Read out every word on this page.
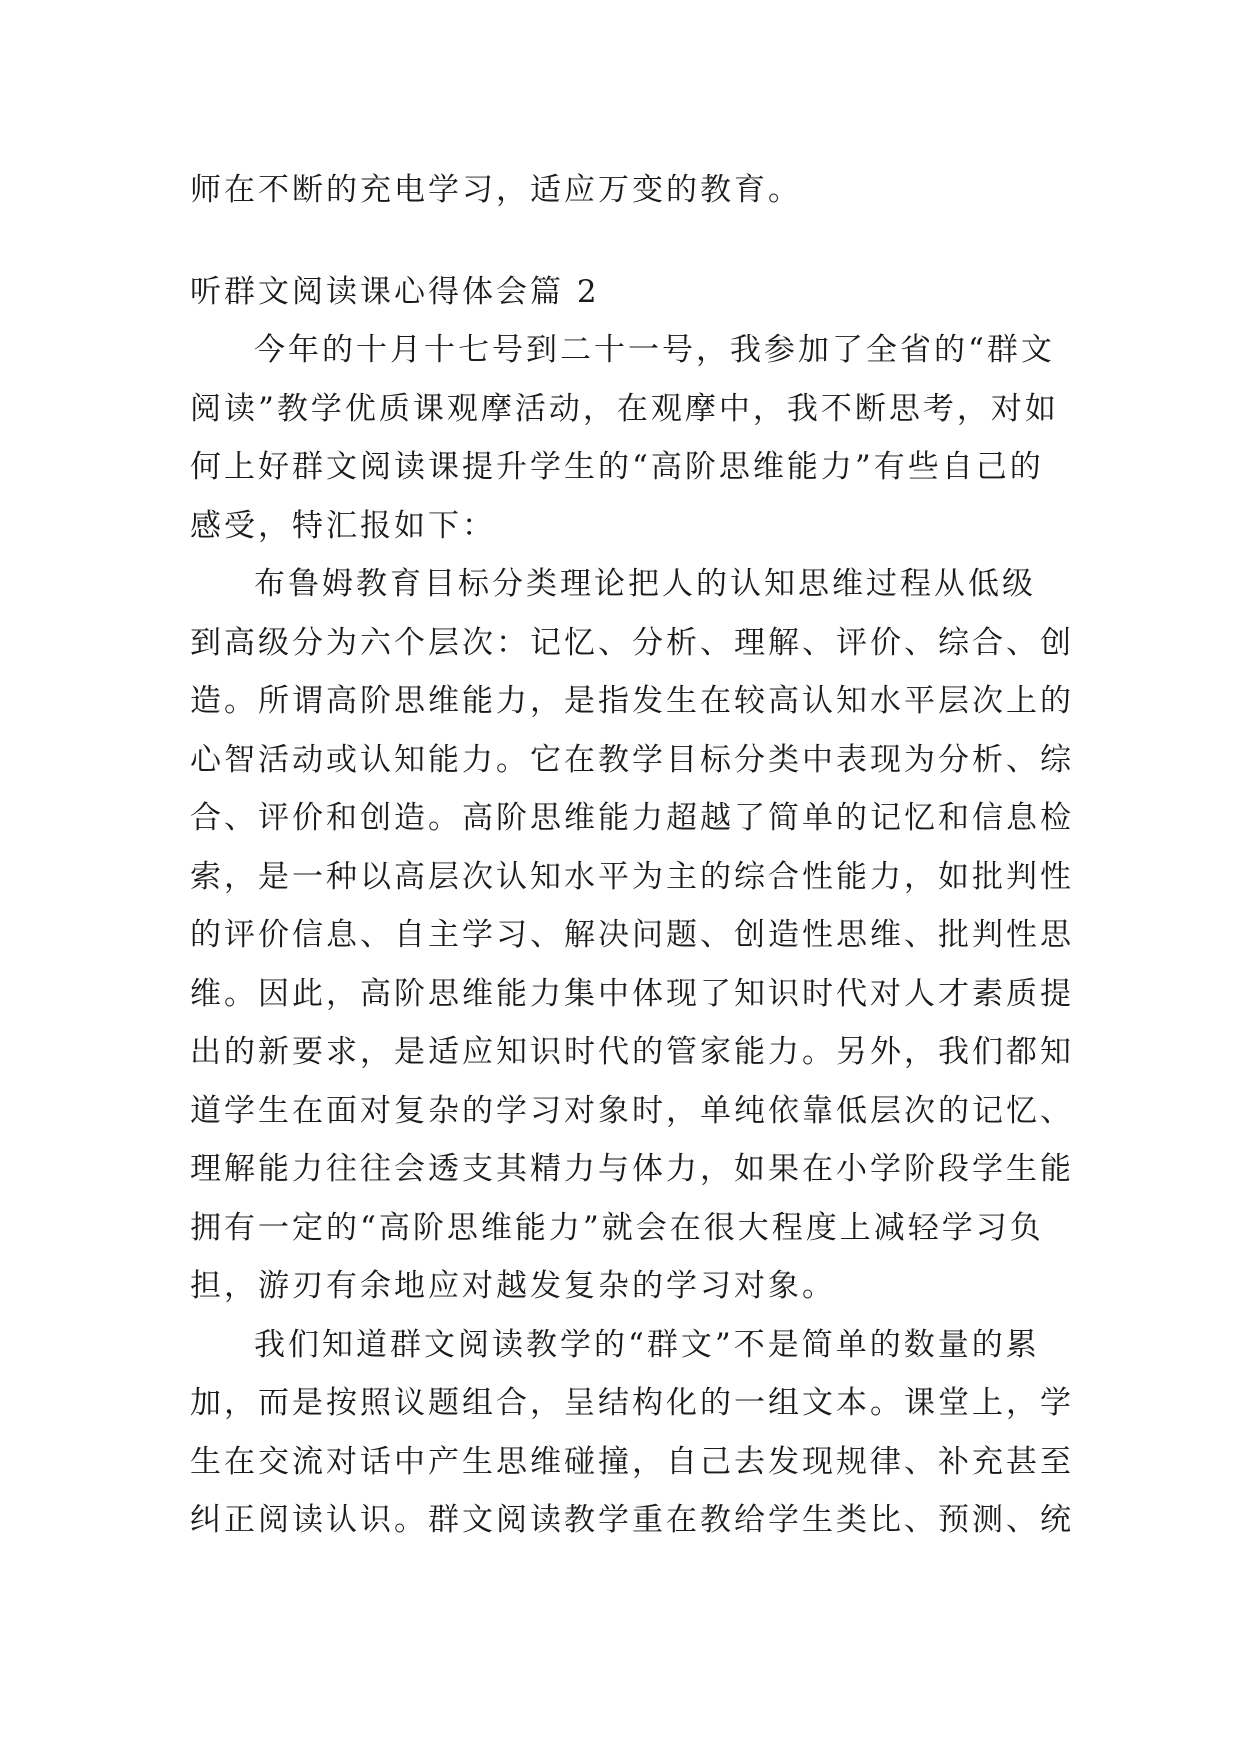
师在不断的充电学习，适应万变的教育。
听群文阅读课心得体会篇 2
今年的十月十七号到二十一号，我参加了全省的“群文
阅读”教学优质课观摩活动，在观摩中，我不断思考，对如
何上好群文阅读课提升学生的“高阶思维能力”有些自己的
感受，特汇报如下：
布鲁姆教育目标分类理论把人的认知思维过程从低级
到高级分为六个层次：记忆、分析、理解、评价、综合、创
造。所谓高阶思维能力，是指发生在较高认知水平层次上的
心智活动或认知能力。它在教学目标分类中表现为分析、综
合、评价和创造。高阶思维能力超越了简单的记忆和信息检
索，是一种以高层次认知水平为主的综合性能力，如批判性
的评价信息、自主学习、解决问题、创造性思维、批判性思
维。因此，高阶思维能力集中体现了知识时代对人才素质提
出的新要求，是适应知识时代的管家能力。另外，我们都知
道学生在面对复杂的学习对象时，单纯依靠低层次的记忆、
理解能力往往会透支其精力与体力，如果在小学阶段学生能
拥有一定的“高阶思维能力”就会在很大程度上减轻学习负
担，游刃有余地应对越发复杂的学习对象。
我们知道群文阅读教学的“群文”不是简单的数量的累
加，而是按照议题组合，呈结构化的一组文本。课堂上，学
生在交流对话中产生思维碰撞，自己去发现规律、补充甚至
纠正阅读认识。群文阅读教学重在教给学生类比、预测、统
